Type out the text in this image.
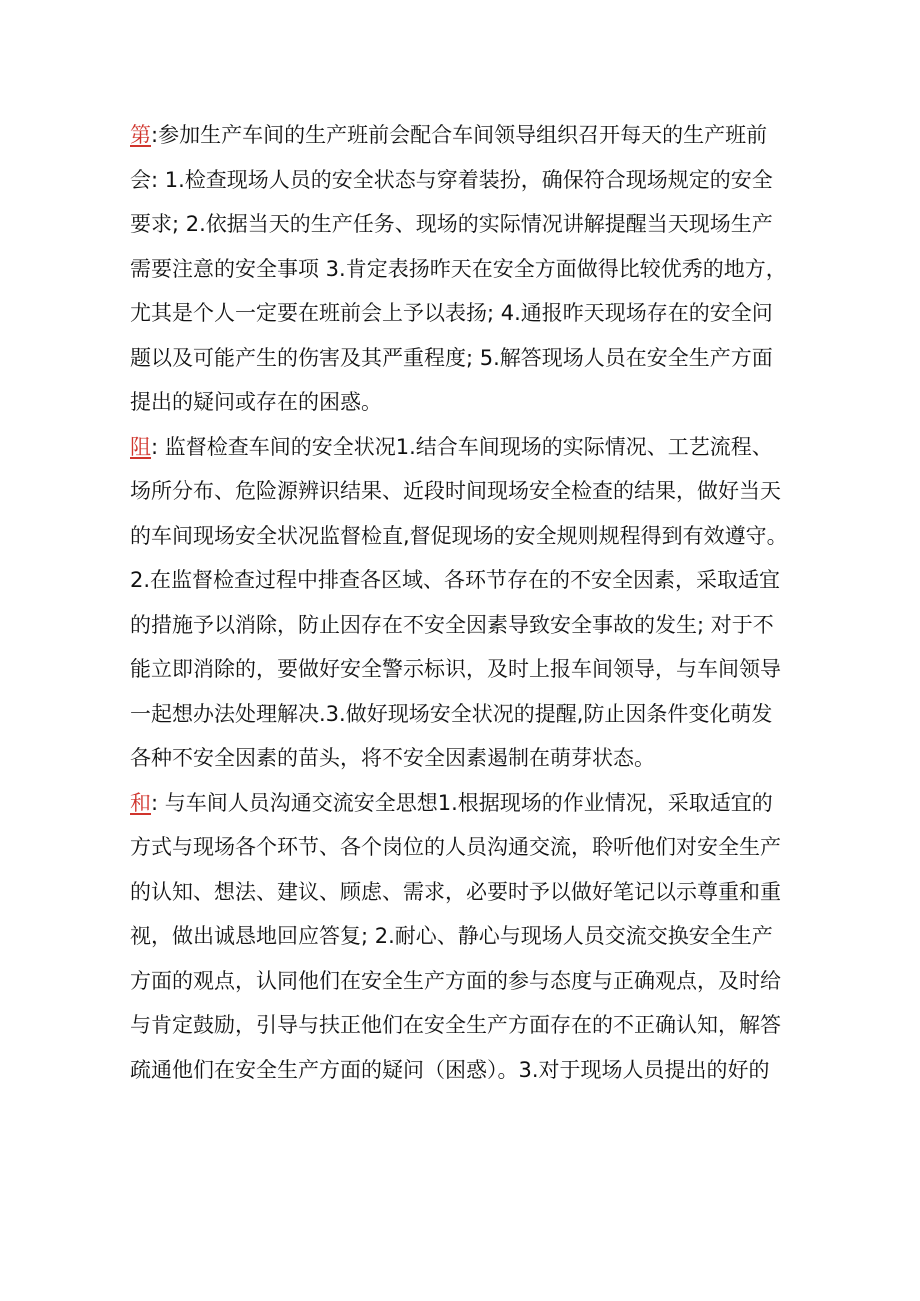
第:参加生产车间的生产班前会配合车间领导组织召开每天的生产班前
会: 1.检查现场人员的安全状态与穿着装扮，确保符合现场规定的安全
要求; 2.依据当天的生产任务、现场的实际情况讲解提醒当天现场生产
需要注意的安全事项 3.肯定表扬昨天在安全方面做得比较优秀的地方，
尤其是个人一定要在班前会上予以表扬; 4.通报昨天现场存在的安全问
题以及可能产生的伤害及其严重程度; 5.解答现场人员在安全生产方面
提出的疑问或存在的困惑。
阻: 监督检查车间的安全状况1.结合车间现场的实际情况、工艺流程、
场所分布、危险源辨识结果、近段时间现场安全检查的结果，做好当天
的车间现场安全状况监督检直,督促现场的安全规则规程得到有效遵守。
2.在监督检查过程中排查各区域、各环节存在的不安全因素，采取适宜
的措施予以消除，防止因存在不安全因素导致安全事故的发生; 对于不
能立即消除的，要做好安全警示标识，及时上报车间领导，与车间领导
一起想办法处理解决.3.做好现场安全状况的提醒,防止因条件变化萌发
各种不安全因素的苗头，将不安全因素遏制在萌芽状态。
和: 与车间人员沟通交流安全思想1.根据现场的作业情况，采取适宜的
方式与现场各个环节、各个岗位的人员沟通交流，聆听他们对安全生产
的认知、想法、建议、顾虑、需求，必要时予以做好笔记以示尊重和重
视，做出诚恳地回应答复; 2.耐心、静心与现场人员交流交换安全生产
方面的观点，认同他们在安全生产方面的参与态度与正确观点，及时给
与肯定鼓励，引导与扶正他们在安全生产方面存在的不正确认知，解答
疏通他们在安全生产方面的疑问（困惑）。3.对于现场人员提出的好的
